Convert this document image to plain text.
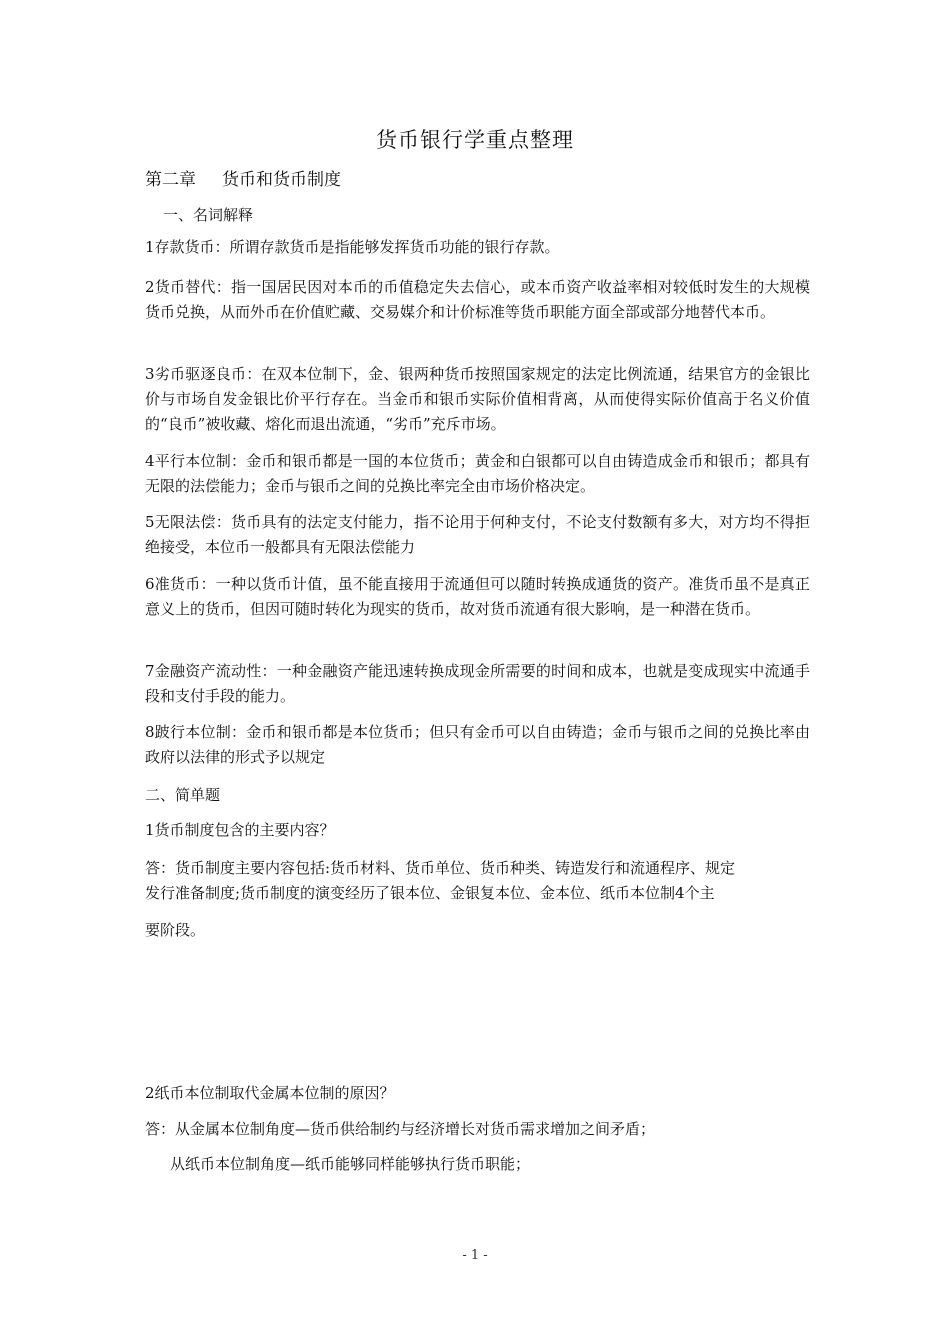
货币银行学重点整理
第二章 货币和货币制度
一、名词解释
1存款货币：所谓存款货币是指能够发挥货币功能的银行存款。
2货币替代：指一国居民因对本币的币值稳定失去信心，或本币资产收益率相对较低时发生的大规模货币兑换，从而外币在价值贮藏、交易媒介和计价标准等货币职能方面全部或部分地替代本币。
3劣币驱逐良币：在双本位制下，金、银两种货币按照国家规定的法定比例流通，结果官方的金银比价与市场自发金银比价平行存在。当金币和银币实际价值相背离，从而使得实际价值高于名义价值的“良币”被收藏、熔化而退出流通，“劣币”充斥市场。
4平行本位制：金币和银币都是一国的本位货币；黄金和白银都可以自由铸造成金币和银币；都具有无限的法偿能力；金币与银币之间的兑换比率完全由市场价格决定。
5无限法偿：货币具有的法定支付能力，指不论用于何种支付，不论支付数额有多大，对方均不得拒绝接受，本位币一般都具有无限法偿能力
6准货币：一种以货币计值，虽不能直接用于流通但可以随时转换成通货的资产。准货币虽不是真正意义上的货币，但因可随时转化为现实的货币，故对货币流通有很大影响，是一种潜在货币。
7金融资产流动性：一种金融资产能迅速转换成现金所需要的时间和成本，也就是变成现实中流通手段和支付手段的能力。
8跛行本位制：金币和银币都是本位货币；但只有金币可以自由铸造；金币与银币之间的兑换比率由政府以法律的形式予以规定
二、简单题
1货币制度包含的主要内容？
答：货币制度主要内容包括:货币材料、货币单位、货币种类、铸造发行和流通程序、规定
发行准备制度;货币制度的演变经历了银本位、金银复本位、金本位、纸币本位制4个主
要阶段。
2纸币本位制取代金属本位制的原因？
答：从金属本位制角度—货币供给制约与经济增长对货币需求增加之间矛盾；
从纸币本位制角度—纸币能够同样能够执行货币职能；
- 1 -
